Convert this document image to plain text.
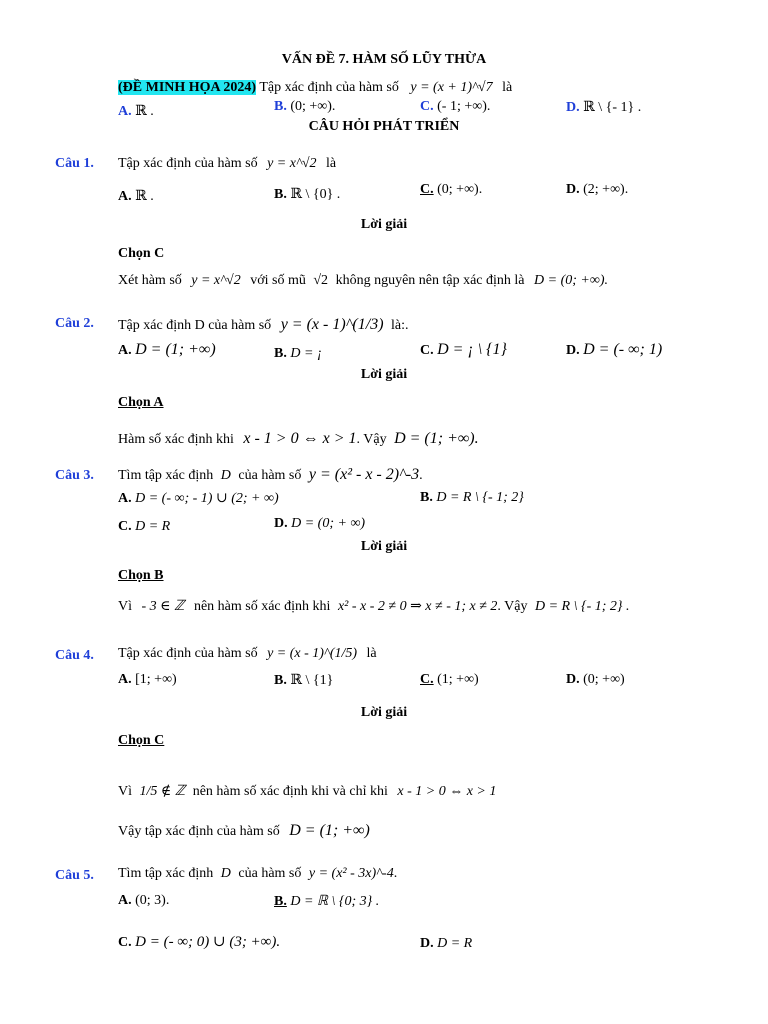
VẤN ĐỀ 7. HÀM SỐ LŨY THỪA
(ĐỀ MINH HỌA 2024) Tập xác định của hàm số y = (x + 1)^√7 là
A. ℝ .	B. (0; +∞).	C. (- 1; +∞).	D. ℝ \ {- 1} .
CÂU HỎI PHÁT TRIỂN
Câu 1. Tập xác định của hàm số y = x^√2 là
A. ℝ .	B. ℝ \ {0} .	C. (0; +∞).	D. (2; +∞).
Lời giải
Chọn C
Xét hàm số y = x^√2 với số mũ √2 không nguyên nên tập xác định là D = (0; +∞).
Câu 2. Tập xác định D của hàm số y = (x - 1)^(1/3) là:.
A. D = (1; +∞)	B. D = ¡	C. D = ¡ \ {1}	D. D = (- ∞; 1)
Lời giải
Chọn A
Hàm số xác định khi x - 1 > 0 ⇔ x > 1. Vậy D = (1; +∞).
Câu 3. Tìm tập xác định D của hàm số y = (x² - x - 2)^-3.
A. D = (- ∞; - 1) ∪ (2; + ∞)	B. D = R \ {- 1; 2}
C. D = R	D. D = (0; + ∞)
Lời giải
Chọn B
Vì - 3 ∈ ℤ nên hàm số xác định khi x² - x - 2 ≠ 0 ⇒ x ≠ - 1; x ≠ 2. Vậy D = R \ {- 1; 2} .
Câu 4. Tập xác định của hàm số y = (x - 1)^(1/5) là
A. [1; +∞)	B. ℝ \ {1}	C. (1; +∞)	D. (0; +∞)
Lời giải
Chọn C
Vì 1/5 ∉ ℤ nên hàm số xác định khi và chỉ khi x - 1 > 0 ⇔ x > 1
Vậy tập xác định của hàm số D = (1; +∞)
Câu 5. Tìm tập xác định D của hàm số y = (x² - 3x)^-4.
A. (0; 3).	B. D = ℝ \ {0; 3} .
C. D = (- ∞; 0) ∪ (3; +∞).	D. D = R
